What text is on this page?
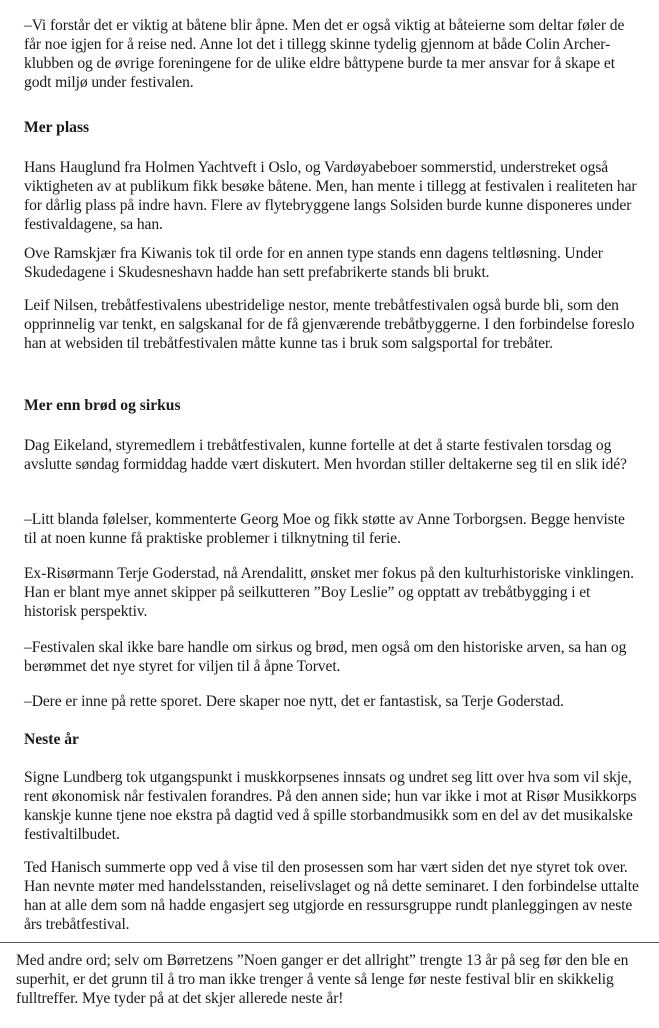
–Vi forstår det er viktig at båtene blir åpne. Men det er også viktig at båteierne som deltar føler de får noe igjen for å reise ned. Anne lot det i tillegg skinne tydelig gjennom at både Colin Archer-klubben og de øvrige foreningene for de ulike eldre båttypene burde ta mer ansvar for å skape et godt miljø under festivalen.

Mer plass

Hans Hauglund fra Holmen Yachtveft i Oslo, og Vardøyabeboer sommerstid, understreket også viktigheten av at publikum fikk besøke båtene. Men, han mente i tillegg at festivalen i realiteten har for dårlig plass på indre havn. Flere av flytebryggene langs Solsiden burde kunne disponeres under festivaldagene, sa han.

Ove Ramskjær fra Kiwanis tok til orde for en annen type stands enn dagens teltløsning. Under Skudedagene i Skudesneshavn hadde han sett prefabrikerte stands bli brukt.

Leif Nilsen, trebåtfestivalens ubestridelige nestor, mente trebåtfestivalen også burde bli, som den opprinnelig var tenkt, en salgskanal for de få gjenværende trebåtbyggerne. I den forbindelse foreslo han at websiden til trebåtfestivalen måtte kunne tas i bruk som salgsportal for trebåter.

Mer enn brød og sirkus

Dag Eikeland, styremedlem i trebåtfestivalen, kunne fortelle at det å starte festivalen torsdag og avslutte søndag formiddag hadde vært diskutert. Men hvordan stiller deltakerne seg til en slik idé?

–Litt blanda følelser, kommenterte Georg Moe og fikk støtte av Anne Torborgsen. Begge henviste til at noen kunne få praktiske problemer i tilknytning til ferie.

Ex-Risørmann Terje Goderstad, nå Arendalitt, ønsket mer fokus på den kulturhistoriske vinklingen. Han er blant mye annet skipper på seilkutteren ”Boy Leslie” og opptatt av trebåtbygging i et historisk perspektiv.

–Festivalen skal ikke bare handle om sirkus og brød, men også om den historiske arven, sa han og berømmet det nye styret for viljen til å åpne Torvet.

–Dere er inne på rette sporet. Dere skaper noe nytt, det er fantastisk, sa Terje Goderstad.

Neste år

Signe Lundberg tok utgangspunkt i muskkorpsenes innsats og undret seg litt over hva som vil skje, rent økonomisk når festivalen forandres. På den annen side; hun var ikke i mot at Risør Musikkorps kanskje kunne tjene noe ekstra på dagtid ved å spille storbandmusikk som en del av det musikalske festivaltilbudet.

Ted Hanisch summerte opp ved å vise til den prosessen som har vært siden det nye styret tok over. Han nevnte møter med handelsstanden, reiselivslaget og nå dette seminaret. I den forbindelse uttalte han at alle dem som nå hadde engasjert seg utgjorde en ressursgruppe rundt planleggingen av neste års trebåtfestival.

Med andre ord; selv om Børretzens ”Noen ganger er det allright” trengte 13 år på seg før den ble en superhit, er det grunn til å tro man ikke trenger å vente så lenge før neste festival blir en skikkelig fulltreffer. Mye tyder på at det skjer allerede neste år!
